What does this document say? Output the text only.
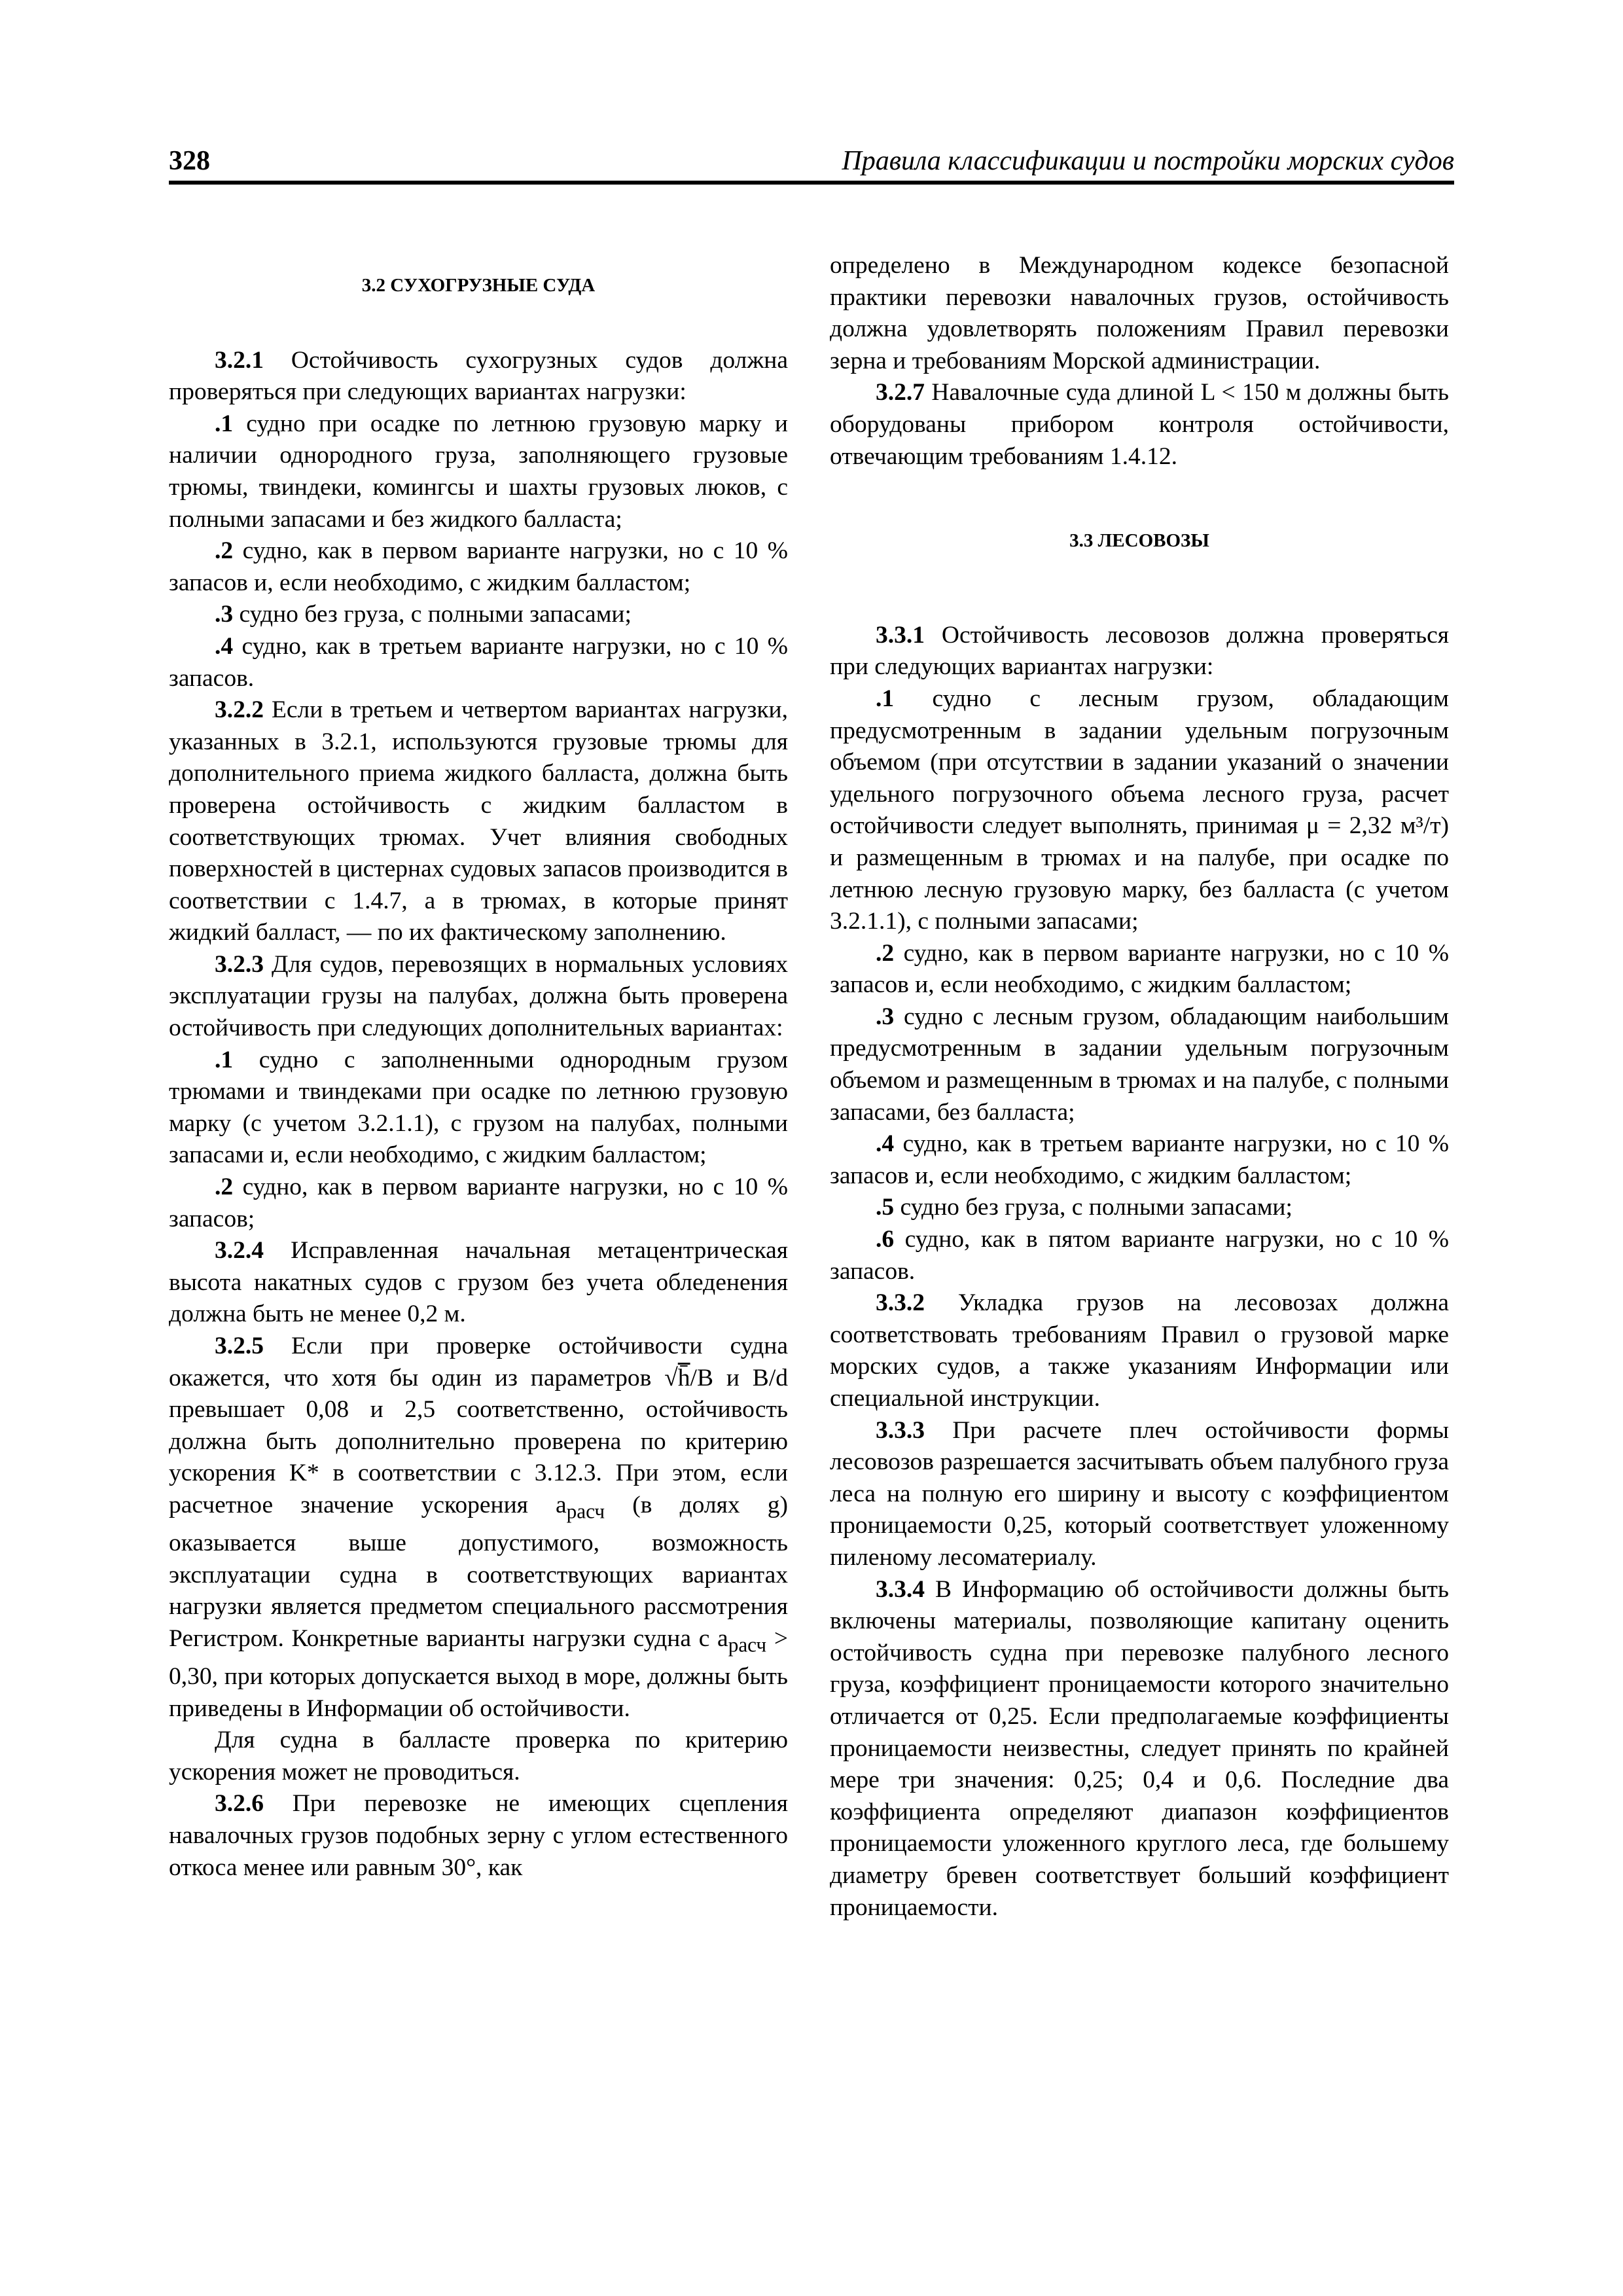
328	Правила классификации и постройки морских судов
3.2 СУХОГРУЗНЫЕ СУДА

3.2.1 Остойчивость сухогрузных судов должна проверяться при следующих вариантах нагрузки:

.1 судно при осадке по летнюю грузовую марку и наличии однородного груза, заполняющего грузовые трюмы, твиндеки, комингсы и шахты грузовых люков, с полными запасами и без жидкого балласта;

.2 судно, как в первом варианте нагрузки, но с 10 % запасов и, если необходимо, с жидким балластом;

.3 судно без груза, с полными запасами;

.4 судно, как в третьем варианте нагрузки, но с 10 % запасов.

3.2.2 Если в третьем и четвертом вариантах нагрузки, указанных в 3.2.1, используются грузовые трюмы для дополнительного приема жидкого балласта, должна быть проверена остойчивость с жидким балластом в соответствующих трюмах. Учет влияния свободных поверхностей в цистернах судовых запасов производится в соответствии с 1.4.7, а в трюмах, в которые принят жидкий балласт, — по их фактическому заполнению.

3.2.3 Для судов, перевозящих в нормальных условиях эксплуатации грузы на палубах, должна быть проверена остойчивость при следующих дополнительных вариантах:

.1 судно с заполненными однородным грузом трюмами и твиндеками при осадке по летнюю грузовую марку (с учетом 3.2.1.1), с грузом на палубах, полными запасами и, если необходимо, с жидким балластом;

.2 судно, как в первом варианте нагрузки, но с 10 % запасов;

3.2.4 Исправленная начальная метацентрическая высота накатных судов с грузом без учета обледенения должна быть не менее 0,2 м.

3.2.5 Если при проверке остойчивости судна окажется, что хотя бы один из параметров √h̄/B и B/d превышает 0,08 и 2,5 соответственно, остойчивость должна быть дополнительно проверена по критерию ускорения K* в соответствии с 3.12.3. При этом, если расчетное значение ускорения $a_{расч}$ (в долях g) оказывается выше допустимого, возможность эксплуатации судна в соответствующих вариантах нагрузки является предметом специального рассмотрения Регистром. Конкретные варианты нагрузки судна с $a_{расч} > 0,30$, при которых допускается выход в море, должны быть приведены в Информации об остойчивости.

Для судна в балласте проверка по критерию ускорения может не проводиться.

3.2.6 При перевозке не имеющих сцепления навалочных грузов подобных зерну с углом естественного откоса менее или равным 30°, как

определено в Международном кодексе безопасной практики перевозки навалочных грузов, остойчивость должна удовлетворять положениям Правил перевозки зерна и требованиям Морской администрации.

3.2.7 Навалочные суда длиной L < 150 м должны быть оборудованы прибором контроля остойчивости, отвечающим требованиям 1.4.12.

3.3 ЛЕСОВОЗЫ

3.3.1 Остойчивость лесовозов должна проверяться при следующих вариантах нагрузки:

.1 судно с лесным грузом, обладающим предусмотренным в задании удельным погрузочным объемом (при отсутствии в задании указаний о значении удельного погрузочного объема лесного груза, расчет остойчивости следует выполнять, принимая μ = 2,32 м³/т) и размещенным в трюмах и на палубе, при осадке по летнюю лесную грузовую марку, без балласта (с учетом 3.2.1.1), с полными запасами;

.2 судно, как в первом варианте нагрузки, но с 10 % запасов и, если необходимо, с жидким балластом;

.3 судно с лесным грузом, обладающим наибольшим предусмотренным в задании удельным погрузочным объемом и размещенным в трюмах и на палубе, с полными запасами, без балласта;

.4 судно, как в третьем варианте нагрузки, но с 10 % запасов и, если необходимо, с жидким балластом;

.5 судно без груза, с полными запасами;

.6 судно, как в пятом варианте нагрузки, но с 10 % запасов.

3.3.2 Укладка грузов на лесовозах должна соответствовать требованиям Правил о грузовой марке морских судов, а также указаниям Информации или специальной инструкции.

3.3.3 При расчете плеч остойчивости формы лесовозов разрешается засчитывать объем палубного груза леса на полную его ширину и высоту с коэффициентом проницаемости 0,25, который соответствует уложенному пиленому лесоматериалу.

3.3.4 В Информацию об остойчивости должны быть включены материалы, позволяющие капитану оценить остойчивость судна при перевозке палубного лесного груза, коэффициент проницаемости которого значительно отличается от 0,25. Если предполагаемые коэффициенты проницаемости неизвестны, следует принять по крайней мере три значения: 0,25; 0,4 и 0,6. Последние два коэффициента определяют диапазон коэффициентов проницаемости уложенного круглого леса, где большему диаметру бревен соответствует больший коэффициент проницаемости.
